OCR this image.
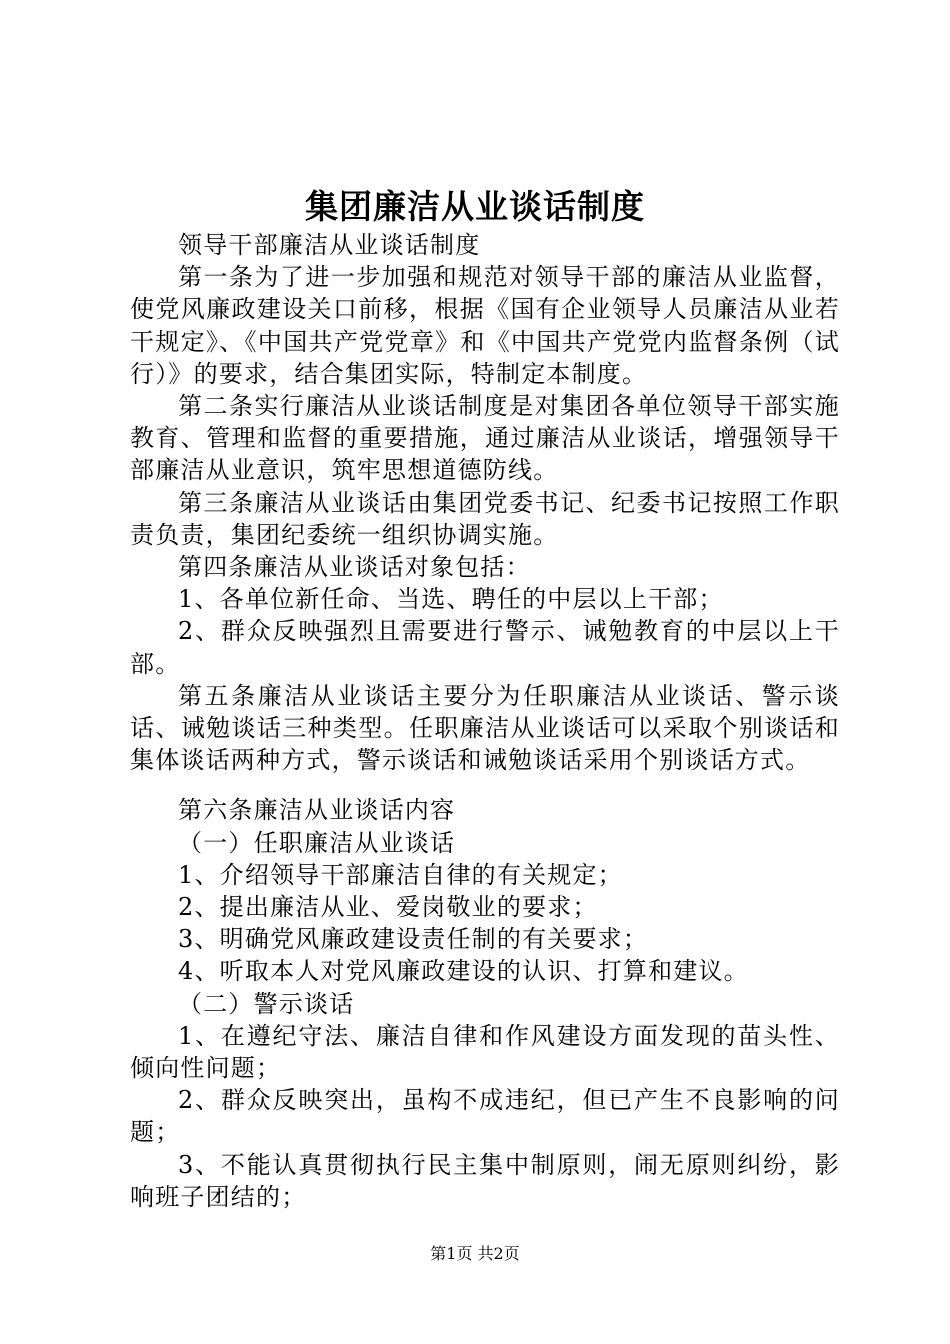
集团廉洁从业谈话制度

领导干部廉洁从业谈话制度

第一条为了进一步加强和规范对领导干部的廉洁从业监督，使党风廉政建设关口前移，根据《国有企业领导人员廉洁从业若干规定》、《中国共产党党章》和《中国共产党党内监督条例（试行）》的要求，结合集团实际，特制定本制度。

第二条实行廉洁从业谈话制度是对集团各单位领导干部实施教育、管理和监督的重要措施，通过廉洁从业谈话，增强领导干部廉洁从业意识，筑牢思想道德防线。

第三条廉洁从业谈话由集团党委书记、纪委书记按照工作职责负责，集团纪委统一组织协调实施。

第四条廉洁从业谈话对象包括：

1、各单位新任命、当选、聘任的中层以上干部；

2、群众反映强烈且需要进行警示、诫勉教育的中层以上干部。

第五条廉洁从业谈话主要分为任职廉洁从业谈话、警示谈话、诫勉谈话三种类型。任职廉洁从业谈话可以采取个别谈话和集体谈话两种方式，警示谈话和诫勉谈话采用个别谈话方式。

第六条廉洁从业谈话内容

（一）任职廉洁从业谈话

1、介绍领导干部廉洁自律的有关规定；

2、提出廉洁从业、爱岗敬业的要求；

3、明确党风廉政建设责任制的有关要求；

4、听取本人对党风廉政建设的认识、打算和建议。

（二）警示谈话

1、在遵纪守法、廉洁自律和作风建设方面发现的苗头性、倾向性问题；

2、群众反映突出，虽构不成违纪，但已产生不良影响的问题；

3、不能认真贯彻执行民主集中制原则，闹无原则纠纷，影响班子团结的；

第1页 共2页
